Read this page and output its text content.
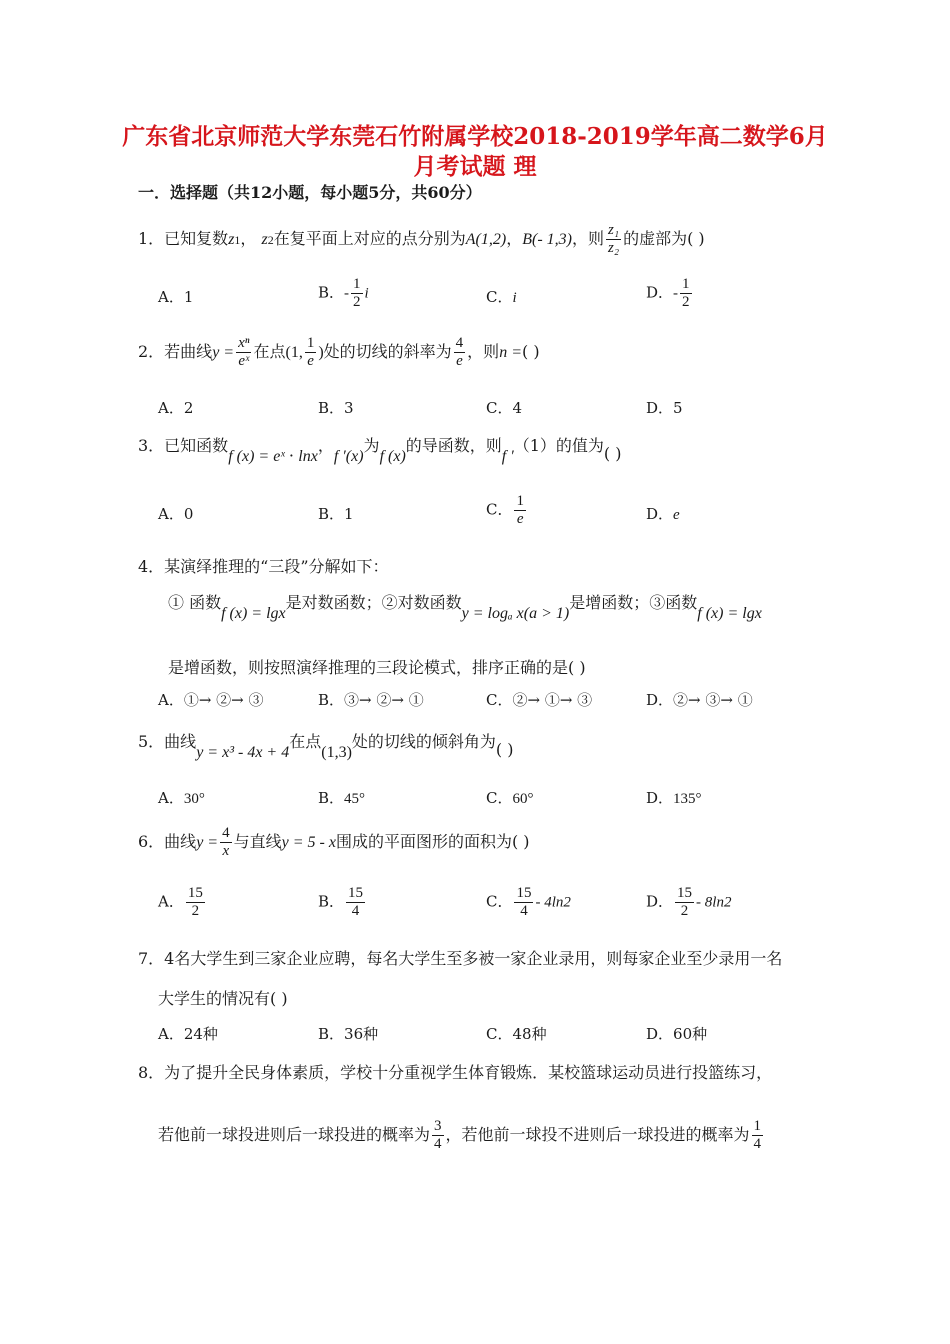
广东省北京师范大学东莞石竹附属学校2018-2019学年高二数学6月
月考试题 理
一．选择题（共12小题，每小题5分，共60分）
1．已知复数z1， z2在复平面上对应的点分别为A(1,2)，B(- 1,3)，则 $\frac{\text{z₁}}{\text{z₂}}$ 的虚部为( )
A．1	B．- $\frac{1}{2}$ i	C．i	D．- $\frac{1}{2}$
2．若曲线$y = \frac{\text{xⁿ}}{\text{eˣ}}$ 在点(1, $\frac{1}{e}$ )处的切线的斜率为 $\frac{4}{e}$ ，则n =( )
A．2	B．3	C．4	D．5
3．已知函数f (x) = eˣ ⋅ lnx，f ′(x)为f (x)的导函数，则f ′（1）的值为( )
A．0	B．1	C． $\frac{1}{e}$	D．e
4．某演绎推理的“三段”分解如下：
① 函数f (x) = lgx是对数函数；②对数函数y = logₐ x(a > 1)是增函数；③函数f (x) = lgx
是增函数，则按照演绎推理的三段论模式，排序正确的是( )
A．①→ ②→ ③	B．③→ ②→ ①	C．②→ ①→ ③	D．②→ ③→ ①
5．曲线y = x³ - 4x + 4在点(1,3)处的切线的倾斜角为( )
A．30°	B．45°	C．60°	D．135°
6．曲线$y = \frac{4}{x}$ 与直线y = 5 - x围成的平面图形的面积为( )
A． $\frac{15}{2}$	B． $\frac{15}{4}$	C． $\frac{15}{4} - 4\ln 2$	D． $\frac{15}{2} - 8\ln 2$
7．4名大学生到三家企业应聘，每名大学生至多被一家企业录用，则每家企业至少录用一名
大学生的情况有( )
A．24种	B．36种	C．48种	D．60种
8．为了提升全民身体素质，学校十分重视学生体育锻炼．某校篮球运动员进行投篮练习，
若他前一球投进则后一球投进的概率为 $\frac{3}{4}$ ，若他前一球投不进则后一球投进的概率为 $\frac{1}{4}$
